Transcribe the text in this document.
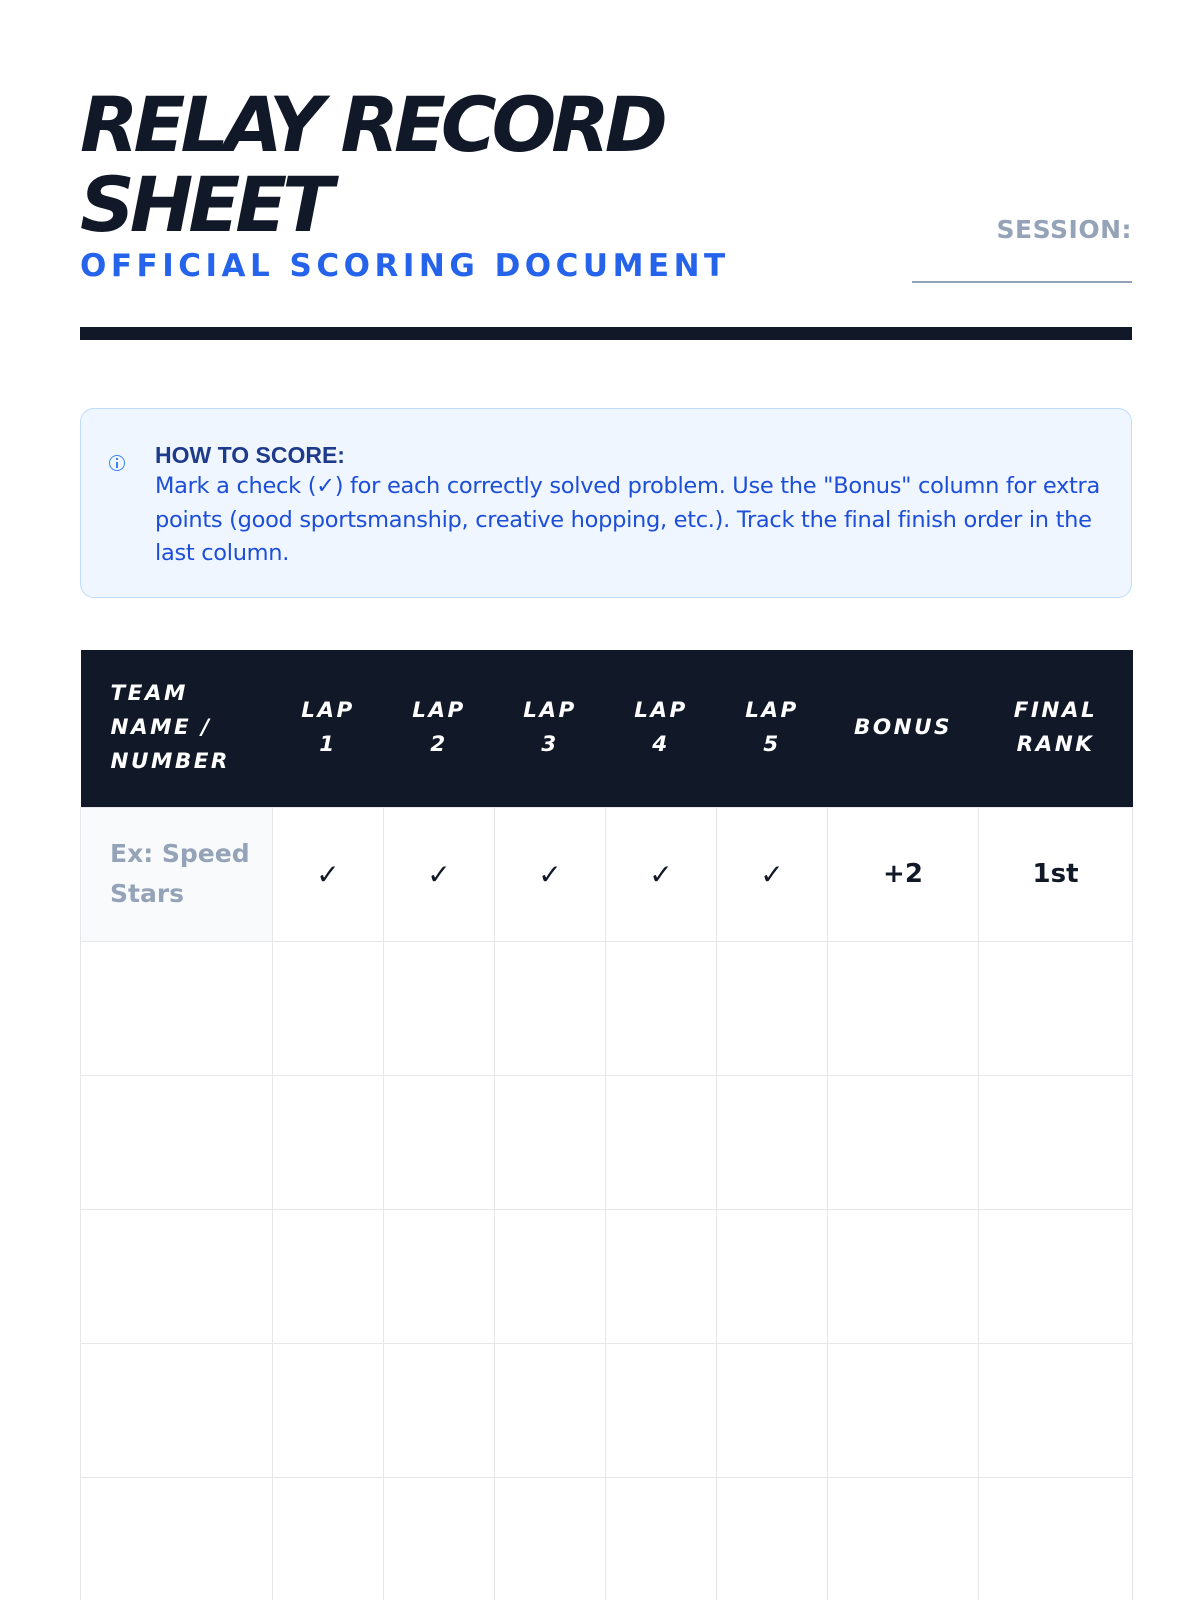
RELAY RECORD SHEET
OFFICIAL SCORING DOCUMENT
SESSION:
HOW TO SCORE:
Mark a check (✓) for each correctly solved problem. Use the "Bonus" column for extra points (good sportsmanship, creative hopping, etc.). Track the final finish order in the last column.
TEAM NAME / NUMBER	LAP 1	LAP 2	LAP 3	LAP 4	LAP 5	BONUS	FINAL RANK
Ex: Speed Stars	✓	✓	✓	✓	✓	+2	1st
